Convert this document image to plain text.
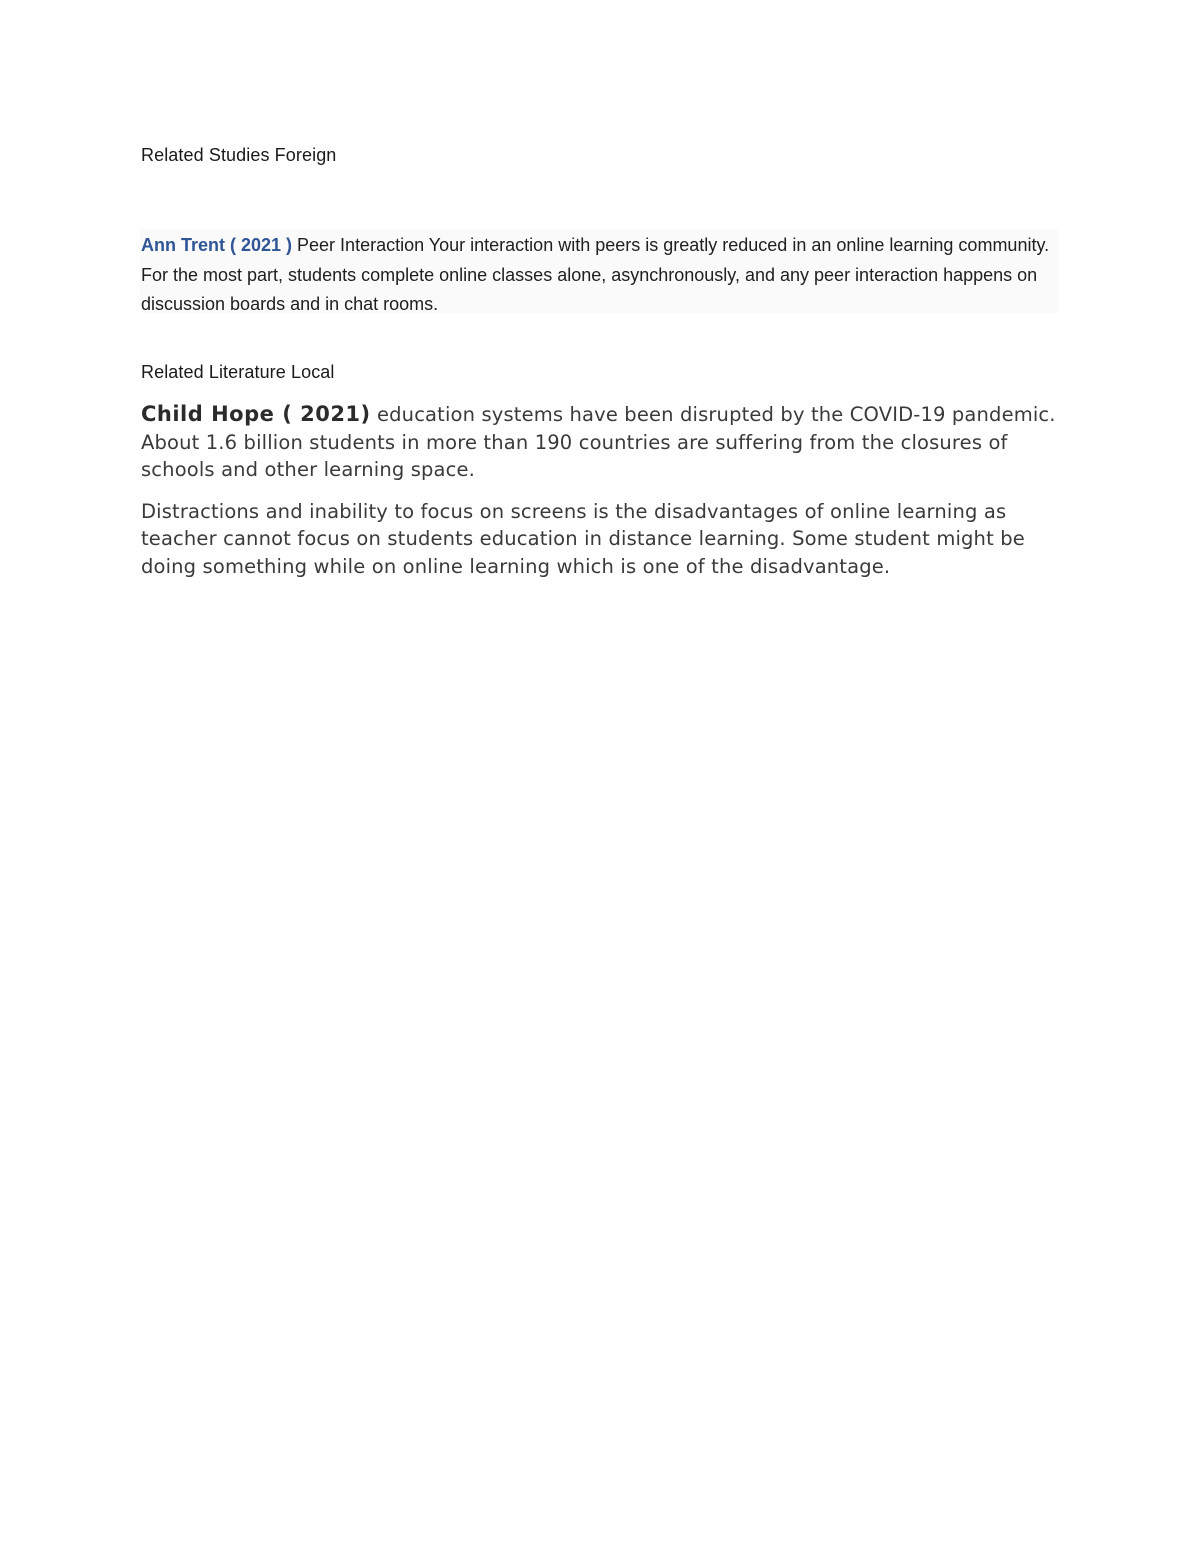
Related Studies Foreign
Ann Trent ( 2021 ) Peer Interaction Your interaction with peers is greatly reduced in an online learning community. For the most part, students complete online classes alone, asynchronously, and any peer interaction happens on discussion boards and in chat rooms.
Related Literature Local

Child Hope ( 2021) education systems have been disrupted by the COVID-19 pandemic. About 1.6 billion students in more than 190 countries are suffering from the closures of schools and other learning space.

Distractions and inability to focus on screens is the disadvantages of online learning as teacher cannot focus on students education in distance learning. Some student might be doing something while on online learning which is one of the disadvantage.
